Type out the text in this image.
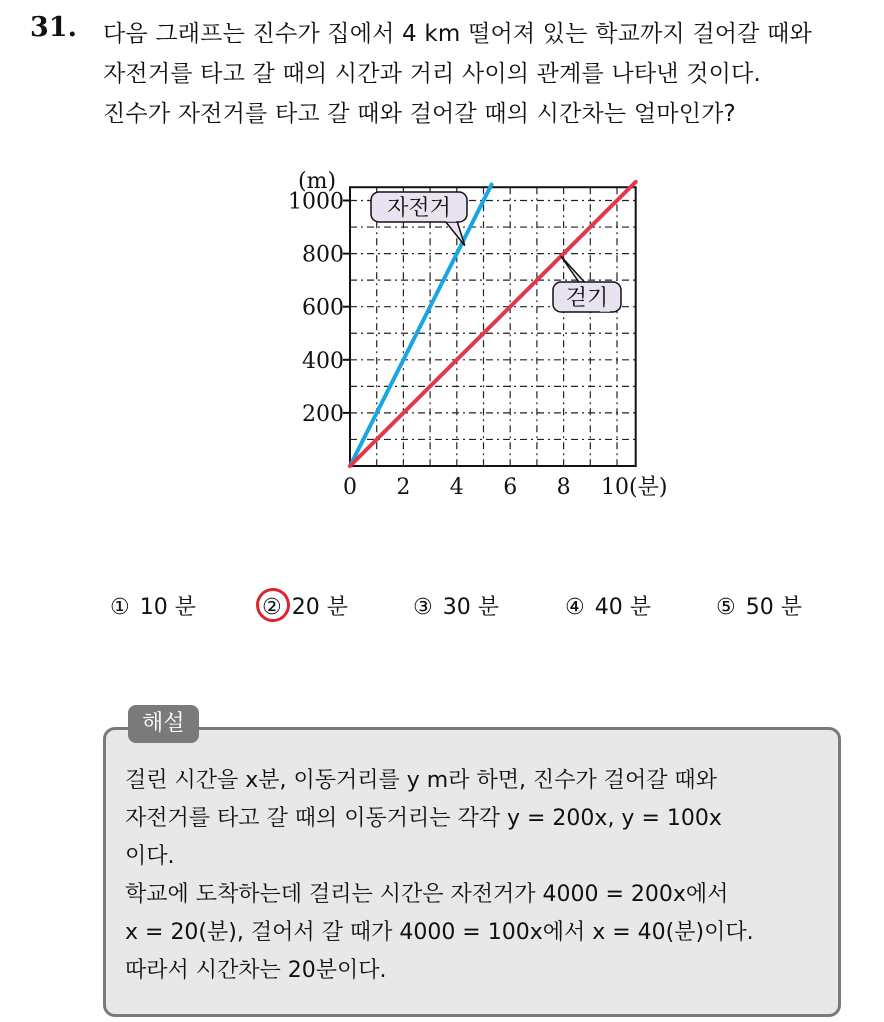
31. 다음 그래프는 진수가 집에서 4 km 떨어져 있는 학교까지 걸어갈 때와
자전거를 타고 갈 때의 시간과 거리 사이의 관계를 나타낸 것이다.
진수가 자전거를 타고 갈 때와 걸어갈 때의 시간차는 얼마인가?
200
400
600
800
1000
0 2 4 6 8 10(분)
(m)
자전거
걷기
① 10 분	② 20 분	③ 30 분	④ 40 분	⑤ 50 분
해설
걸린 시간을 x분, 이동거리를 y m라 하면, 진수가 걸어갈 때와
자전거를 타고 갈 때의 이동거리는 각각 y = 200x, y = 100x
이다.
학교에 도착하는데 걸리는 시간은 자전거가 4000 = 200x에서
x = 20(분), 걸어서 갈 때가 4000 = 100x에서 x = 40(분)이다.
따라서 시간차는 20분이다.
